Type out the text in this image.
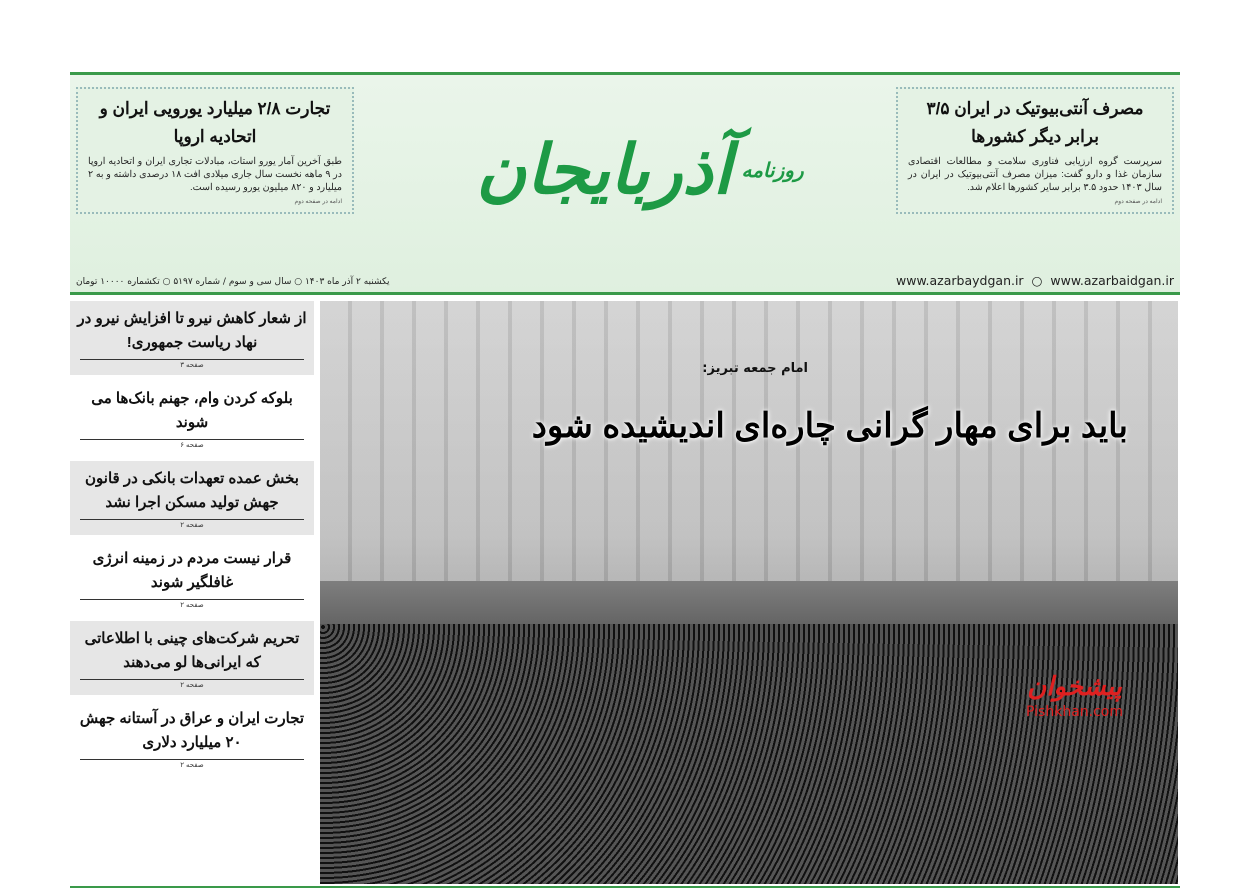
تجارت ۲/۸ میلیارد یورویی ایران و اتحادیه اروپا

طبق آخرین آمار یورو استات، مبادلات تجاری ایران و اتحادیه اروپا در ۹ ماهه نخست سال جاری میلادی افت ۱۸ درصدی داشته و به ۲ میلیارد و ۸۲۰ میلیون یورو رسیده است.

ادامه در صفحه دوم
روزنامه
آذربایجان
مصرف آنتی‌بیوتیک در ایران ۳/۵ برابر دیگر کشورها

سرپرست گروه ارزیابی فناوری سلامت و مطالعات اقتصادی سازمان غذا و دارو گفت: میزان مصرف آنتی‌بیوتیک در ایران در سال ۱۴۰۳ حدود ۳.۵ برابر سایر کشورها اعلام شد.

ادامه در صفحه دوم
یکشنبه ۲ آذر ماه ۱۴۰۳ ○ سال سی و سوم / شماره ۵۱۹۷ ○ تکشماره ۱۰۰۰۰ تومان	www.azarbaydgan.ir  ○  www.azarbaidgan.ir
از شعار کاهش نیرو تا افزایش نیرو در نهاد ریاست جمهوری!
صفحه ۳
بلوکه کردن وام، جهنم بانک‌ها می شوند
صفحه ۶
بخش عمده تعهدات بانکی در قانون جهش تولید مسکن اجرا نشد
صفحه ۲
قرار نیست مردم در زمینه انرژی غافلگیر شوند
صفحه ۲
تحریم شرکت‌های چینی با اطلاعاتی که ایرانی‌ها لو می‌دهند
صفحه ۲
تجارت ایران و عراق در آستانه جهش ۲۰ میلیارد دلاری
صفحه ۲
امام جمعه تبریز:
باید برای مهار گرانی چاره‌ای اندیشیده شود
پیشخوان
Pishkhan.com
